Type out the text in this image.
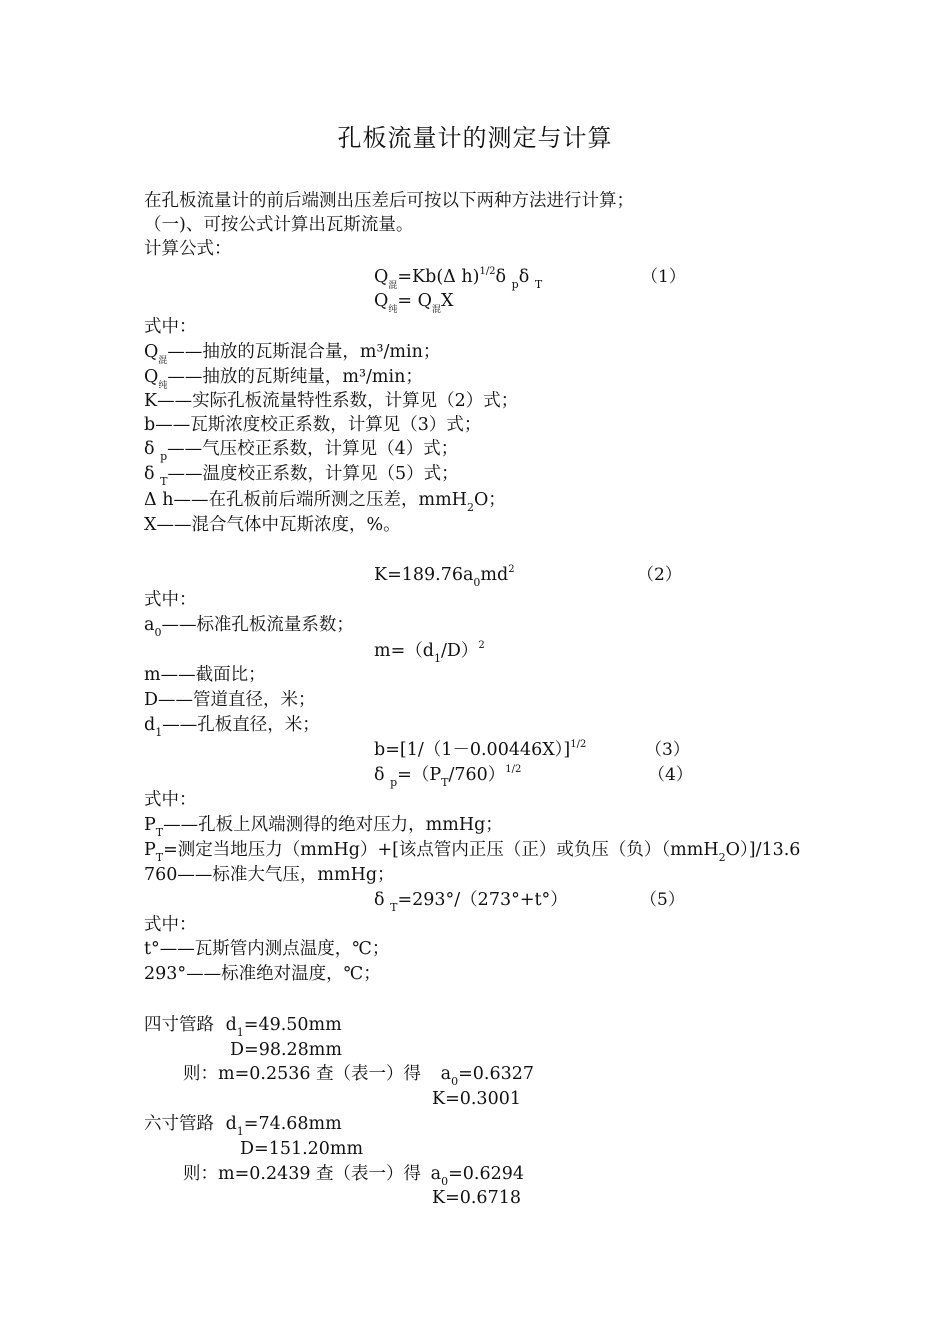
孔板流量计的测定与计算
在孔板流量计的前后端测出压差后可按以下两种方法进行计算；
（一)、可按公式计算出瓦斯流量。
计算公式：
$Q_混=Kb(\Delta$ h)$^{1/2}$δ $_p$δ $_T$	（1）
$Q_纯= Q_混X$
式中：
$Q_混——$抽放的瓦斯混合量，m³/min；
$Q_纯——$抽放的瓦斯纯量，m³/min；
K——实际孔板流量特性系数，计算见（2）式；
b——瓦斯浓度校正系数，计算见（3）式；
δ $_p$——气压校正系数，计算见（4）式；
δ $_T$——温度校正系数，计算见（5）式；
Δ h——在孔板前后端所测之压差，mmH$_2$O；
X——混合气体中瓦斯浓度，%。
$K=189.76a_0md^2$	（2）
式中：
$a_0——$标准孔板流量系数；
$m=(d_1/D)^2$
m——截面比；
D——管道直径，米；
$d_1——$孔板直径，米；
$b=[1/(1-0.00446X)]^{1/2}$	（3）
δ $_p=(P_T/760)^{1/2}$	（4）
式中：
$P_T——$孔板上风端测得的绝对压力，mmHg；
$P_T=$测定当地压力（mmHg）+[该点管内正压（正）或负压（负）（mmH$_2$O）]/13.6
760——标准大气压，mmHg；
δ $_T$=293°/（273°+t°）	（5）
式中：
t°——瓦斯管内测点温度，℃；
293°——标准绝对温度，℃；
四寸管路 $d_1=49.50mm$
D=98.28mm
则：m=0.2536 查（表一）得 $a_0=0.6327$
K=0.3001
六寸管路 $d_1=74.68mm$
D=151.20mm
则：m=0.2439 查（表一）得 $a_0=0.6294$
K=0.6718
